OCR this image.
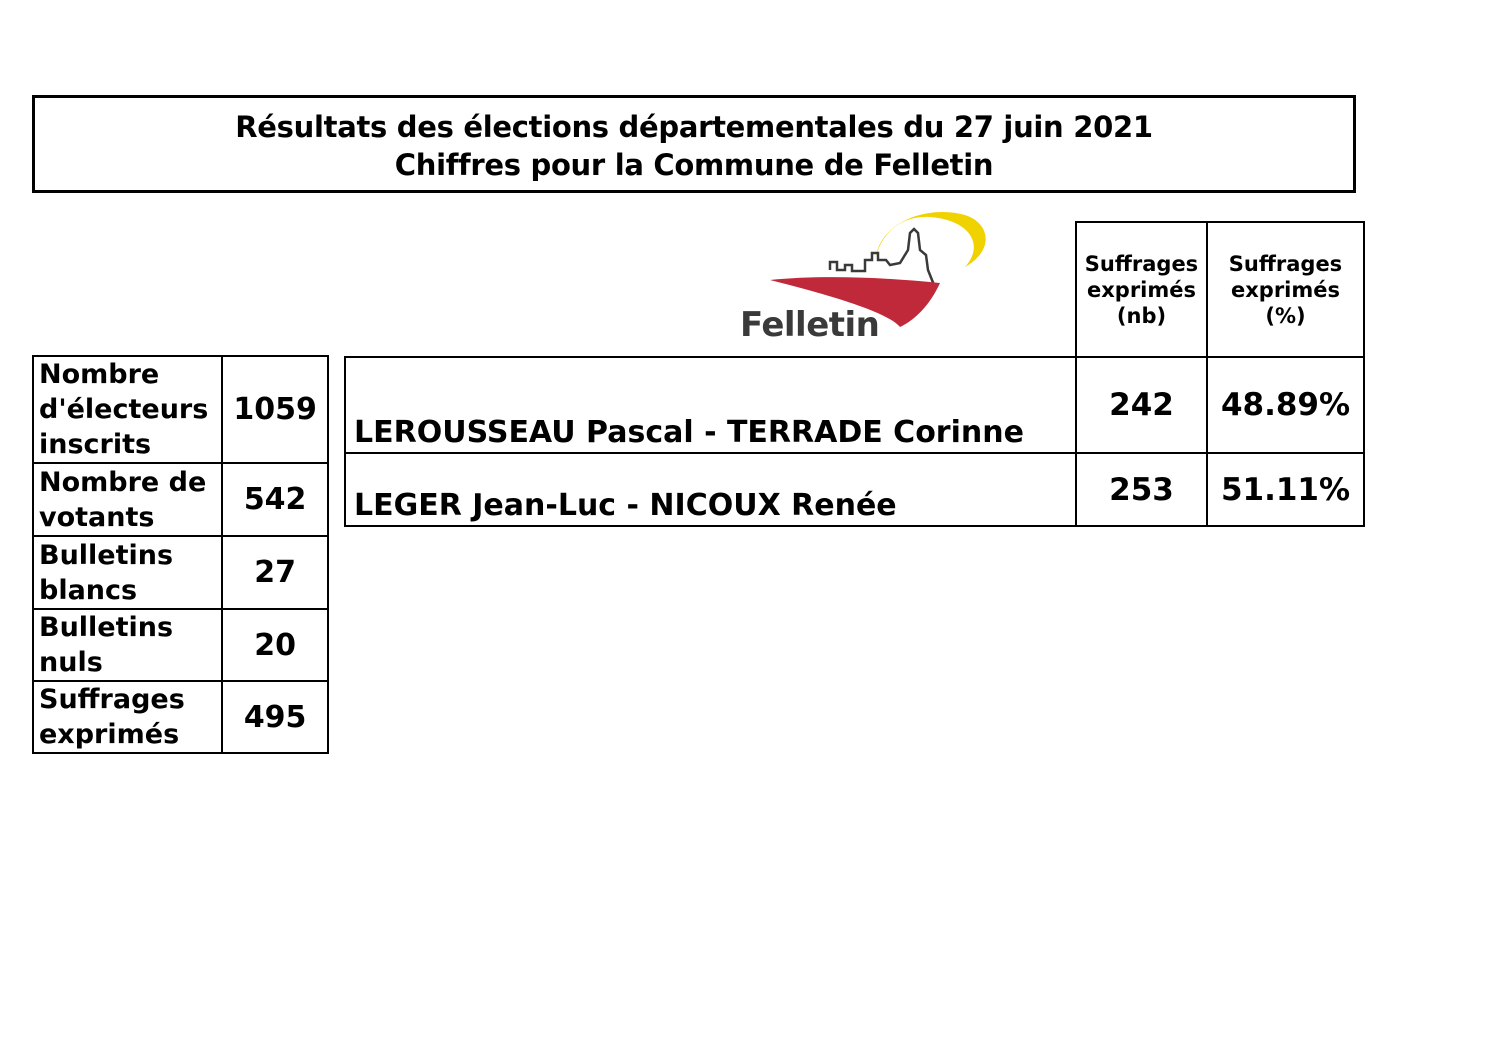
Résultats des élections départementales du 27 juin 2021
Chiffres pour la Commune de Felletin
Felletin
Nombre d'électeurs inscrits	1059
Nombre de votants	542
Bulletins blancs	27
Bulletins nuls	20
Suffrages exprimés	495
	Suffrages exprimés (nb)	Suffrages exprimés (%)
LEROUSSEAU Pascal - TERRADE Corinne	242	48.89%
LEGER Jean-Luc - NICOUX Renée	253	51.11%
